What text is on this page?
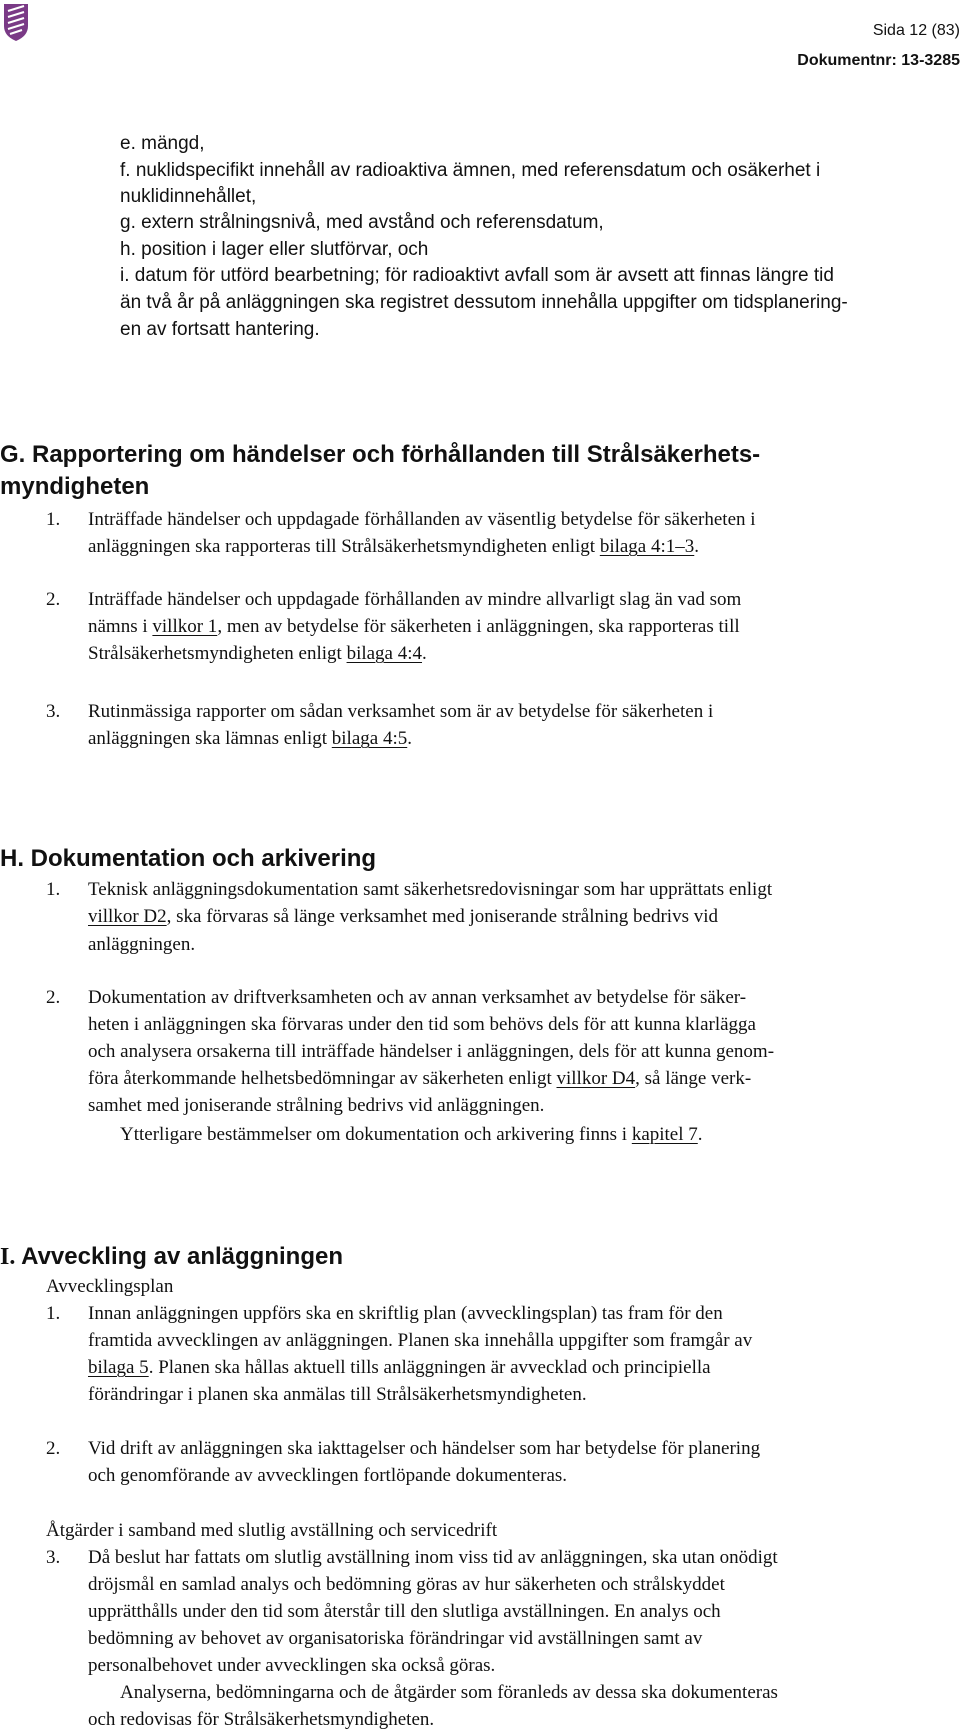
Sida 12 (83)
Dokumentnr: 13-3285
e. mängd,
f. nuklidspecifikt innehåll av radioaktiva ämnen, med referensdatum och osäkerhet i
nuklidinnehållet,
g. extern strålningsnivå, med avstånd och referensdatum,
h. position i lager eller slutförvar, och
i. datum för utförd bearbetning; för radioaktivt avfall som är avsett att finnas längre tid
än två år på anläggningen ska registret dessutom innehålla uppgifter om tidsplanering-
en av fortsatt hantering.
G. Rapportering om händelser och förhållanden till Strålsäkerhets-
myndigheten
1. Inträffade händelser och uppdagade förhållanden av väsentlig betydelse för säkerheten i
anläggningen ska rapporteras till Strålsäkerhetsmyndigheten enligt bilaga 4:1–3.
2. Inträffade händelser och uppdagade förhållanden av mindre allvarligt slag än vad som
nämns i villkor 1, men av betydelse för säkerheten i anläggningen, ska rapporteras till
Strålsäkerhetsmyndigheten enligt bilaga 4:4.
3. Rutinmässiga rapporter om sådan verksamhet som är av betydelse för säkerheten i
anläggningen ska lämnas enligt bilaga 4:5.
H. Dokumentation och arkivering
1. Teknisk anläggningsdokumentation samt säkerhetsredovisningar som har upprättats enligt
villkor D2, ska förvaras så länge verksamhet med joniserande strålning bedrivs vid
anläggningen.
2. Dokumentation av driftverksamheten och av annan verksamhet av betydelse för säker-
heten i anläggningen ska förvaras under den tid som behövs dels för att kunna klarlägga
och analysera orsakerna till inträffade händelser i anläggningen, dels för att kunna genom-
föra återkommande helhetsbedömningar av säkerheten enligt villkor D4, så länge verk-
samhet med joniserande strålning bedrivs vid anläggningen.
Ytterligare bestämmelser om dokumentation och arkivering finns i kapitel 7.
I. Avveckling av anläggningen
Avvecklingsplan
1. Innan anläggningen uppförs ska en skriftlig plan (avvecklingsplan) tas fram för den
framtida avvecklingen av anläggningen. Planen ska innehålla uppgifter som framgår av
bilaga 5. Planen ska hållas aktuell tills anläggningen är avvecklad och principiella
förändringar i planen ska anmälas till Strålsäkerhetsmyndigheten.
2. Vid drift av anläggningen ska iakttagelser och händelser som har betydelse för planering
och genomförande av avvecklingen fortlöpande dokumenteras.
Åtgärder i samband med slutlig avställning och servicedrift
3. Då beslut har fattats om slutlig avställning inom viss tid av anläggningen, ska utan onödigt
dröjsmål en samlad analys och bedömning göras av hur säkerheten och strålskyddet
upprätthålls under den tid som återstår till den slutliga avställningen. En analys och
bedömning av behovet av organisatoriska förändringar vid avställningen samt av
personalbehovet under avvecklingen ska också göras.
Analyserna, bedömningarna och de åtgärder som föranleds av dessa ska dokumenteras
och redovisas för Strålsäkerhetsmyndigheten.
